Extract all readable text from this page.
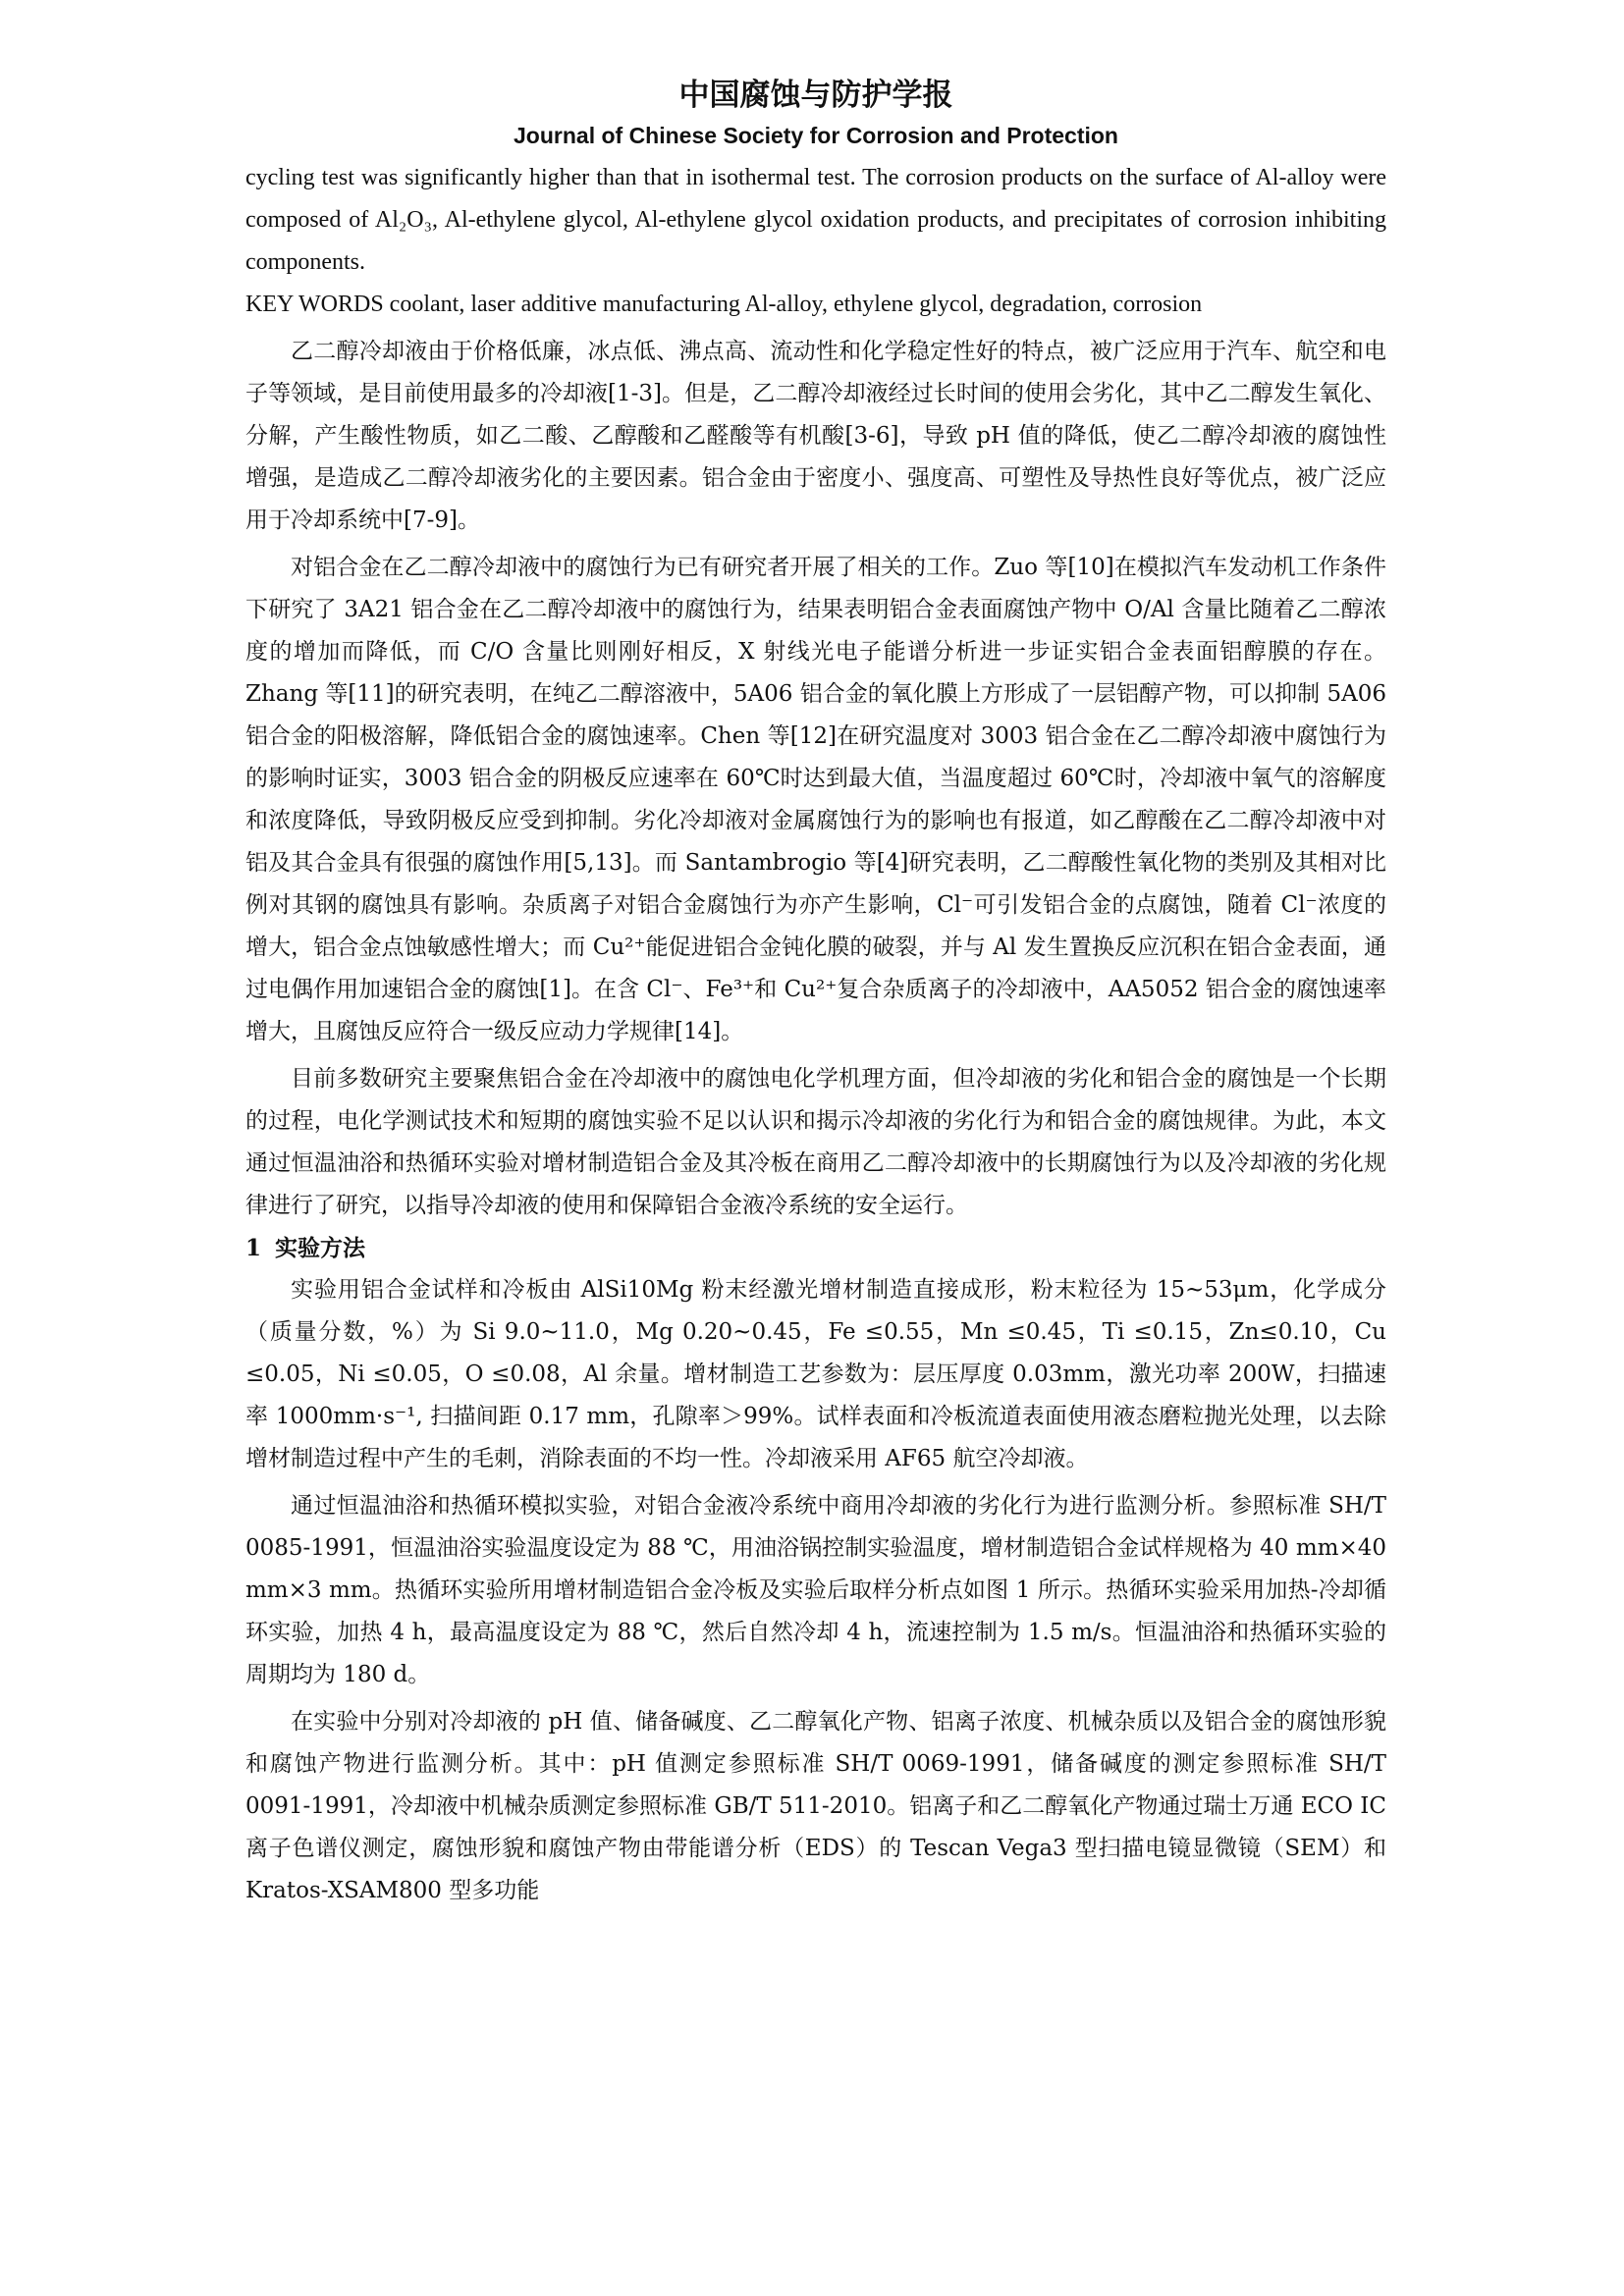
中国腐蚀与防护学报
Journal of Chinese Society for Corrosion and Protection

cycling test was significantly higher than that in isothermal test. The corrosion products on the surface of Al-alloy were composed of Al₂O₃, Al-ethylene glycol, Al-ethylene glycol oxidation products, and precipitates of corrosion inhibiting components.

KEY WORDS coolant, laser additive manufacturing Al-alloy, ethylene glycol, degradation, corrosion

乙二醇冷却液由于价格低廉，冰点低、沸点高、流动性和化学稳定性好的特点，被广泛应用于汽车、航空和电子等领域，是目前使用最多的冷却液[1-3]。但是，乙二醇冷却液经过长时间的使用会劣化，其中乙二醇发生氧化、分解，产生酸性物质，如乙二酸、乙醇酸和乙醛酸等有机酸[3-6]，导致 pH 值的降低，使乙二醇冷却液的腐蚀性增强，是造成乙二醇冷却液劣化的主要因素。铝合金由于密度小、强度高、可塑性及导热性良好等优点，被广泛应用于冷却系统中[7-9]。

对铝合金在乙二醇冷却液中的腐蚀行为已有研究者开展了相关的工作。Zuo 等[10]在模拟汽车发动机工作条件下研究了 3A21 铝合金在乙二醇冷却液中的腐蚀行为，结果表明铝合金表面腐蚀产物中 O/Al 含量比随着乙二醇浓度的增加而降低，而 C/O 含量比则刚好相反，X 射线光电子能谱分析进一步证实铝合金表面铝醇膜的存在。Zhang 等[11]的研究表明，在纯乙二醇溶液中，5A06 铝合金的氧化膜上方形成了一层铝醇产物，可以抑制 5A06 铝合金的阳极溶解，降低铝合金的腐蚀速率。Chen 等[12]在研究温度对 3003 铝合金在乙二醇冷却液中腐蚀行为的影响时证实，3003 铝合金的阴极反应速率在 60℃时达到最大值，当温度超过 60℃时，冷却液中氧气的溶解度和浓度降低，导致阴极反应受到抑制。劣化冷却液对金属腐蚀行为的影响也有报道，如乙醇酸在乙二醇冷却液中对铝及其合金具有很强的腐蚀作用[5,13]。而 Santambrogio 等[4]研究表明，乙二醇酸性氧化物的类别及其相对比例对其钢的腐蚀具有影响。杂质离子对铝合金腐蚀行为亦产生影响，Cl⁻可引发铝合金的点腐蚀，随着 Cl⁻浓度的增大，铝合金点蚀敏感性增大；而 Cu²⁺能促进铝合金钝化膜的破裂，并与 Al 发生置换反应沉积在铝合金表面，通过电偶作用加速铝合金的腐蚀[1]。在含 Cl⁻、Fe³⁺和 Cu²⁺复合杂质离子的冷却液中，AA5052 铝合金的腐蚀速率增大，且腐蚀反应符合一级反应动力学规律[14]。

目前多数研究主要聚焦铝合金在冷却液中的腐蚀电化学机理方面，但冷却液的劣化和铝合金的腐蚀是一个长期的过程，电化学测试技术和短期的腐蚀实验不足以认识和揭示冷却液的劣化行为和铝合金的腐蚀规律。为此，本文通过恒温油浴和热循环实验对增材制造铝合金及其冷板在商用乙二醇冷却液中的长期腐蚀行为以及冷却液的劣化规律进行了研究，以指导冷却液的使用和保障铝合金液冷系统的安全运行。

1 实验方法

实验用铝合金试样和冷板由 AlSi10Mg 粉末经激光增材制造直接成形，粉末粒径为 15~53μm，化学成分（质量分数，%）为 Si 9.0~11.0，Mg 0.20~0.45，Fe ≤0.55，Mn ≤0.45，Ti ≤0.15，Zn≤0.10，Cu ≤0.05，Ni ≤0.05，O ≤0.08，Al 余量。增材制造工艺参数为：层压厚度 0.03mm，激光功率 200W，扫描速率 1000mm·s⁻¹, 扫描间距 0.17 mm，孔隙率＞99%。试样表面和冷板流道表面使用液态磨粒抛光处理，以去除增材制造过程中产生的毛刺，消除表面的不均一性。冷却液采用 AF65 航空冷却液。

通过恒温油浴和热循环模拟实验，对铝合金液冷系统中商用冷却液的劣化行为进行监测分析。参照标准 SH/T 0085-1991，恒温油浴实验温度设定为 88 ℃，用油浴锅控制实验温度，增材制造铝合金试样规格为 40 mm×40 mm×3 mm。热循环实验所用增材制造铝合金冷板及实验后取样分析点如图 1 所示。热循环实验采用加热-冷却循环实验，加热 4 h，最高温度设定为 88 ℃，然后自然冷却 4 h，流速控制为 1.5 m/s。恒温油浴和热循环实验的周期均为 180 d。

在实验中分别对冷却液的 pH 值、储备碱度、乙二醇氧化产物、铝离子浓度、机械杂质以及铝合金的腐蚀形貌和腐蚀产物进行监测分析。其中：pH 值测定参照标准 SH/T 0069-1991，储备碱度的测定参照标准 SH/T 0091-1991，冷却液中机械杂质测定参照标准 GB/T 511-2010。铝离子和乙二醇氧化产物通过瑞士万通 ECO IC 离子色谱仪测定，腐蚀形貌和腐蚀产物由带能谱分析（EDS）的 Tescan Vega3 型扫描电镜显微镜（SEM）和 Kratos-XSAM800 型多功能
